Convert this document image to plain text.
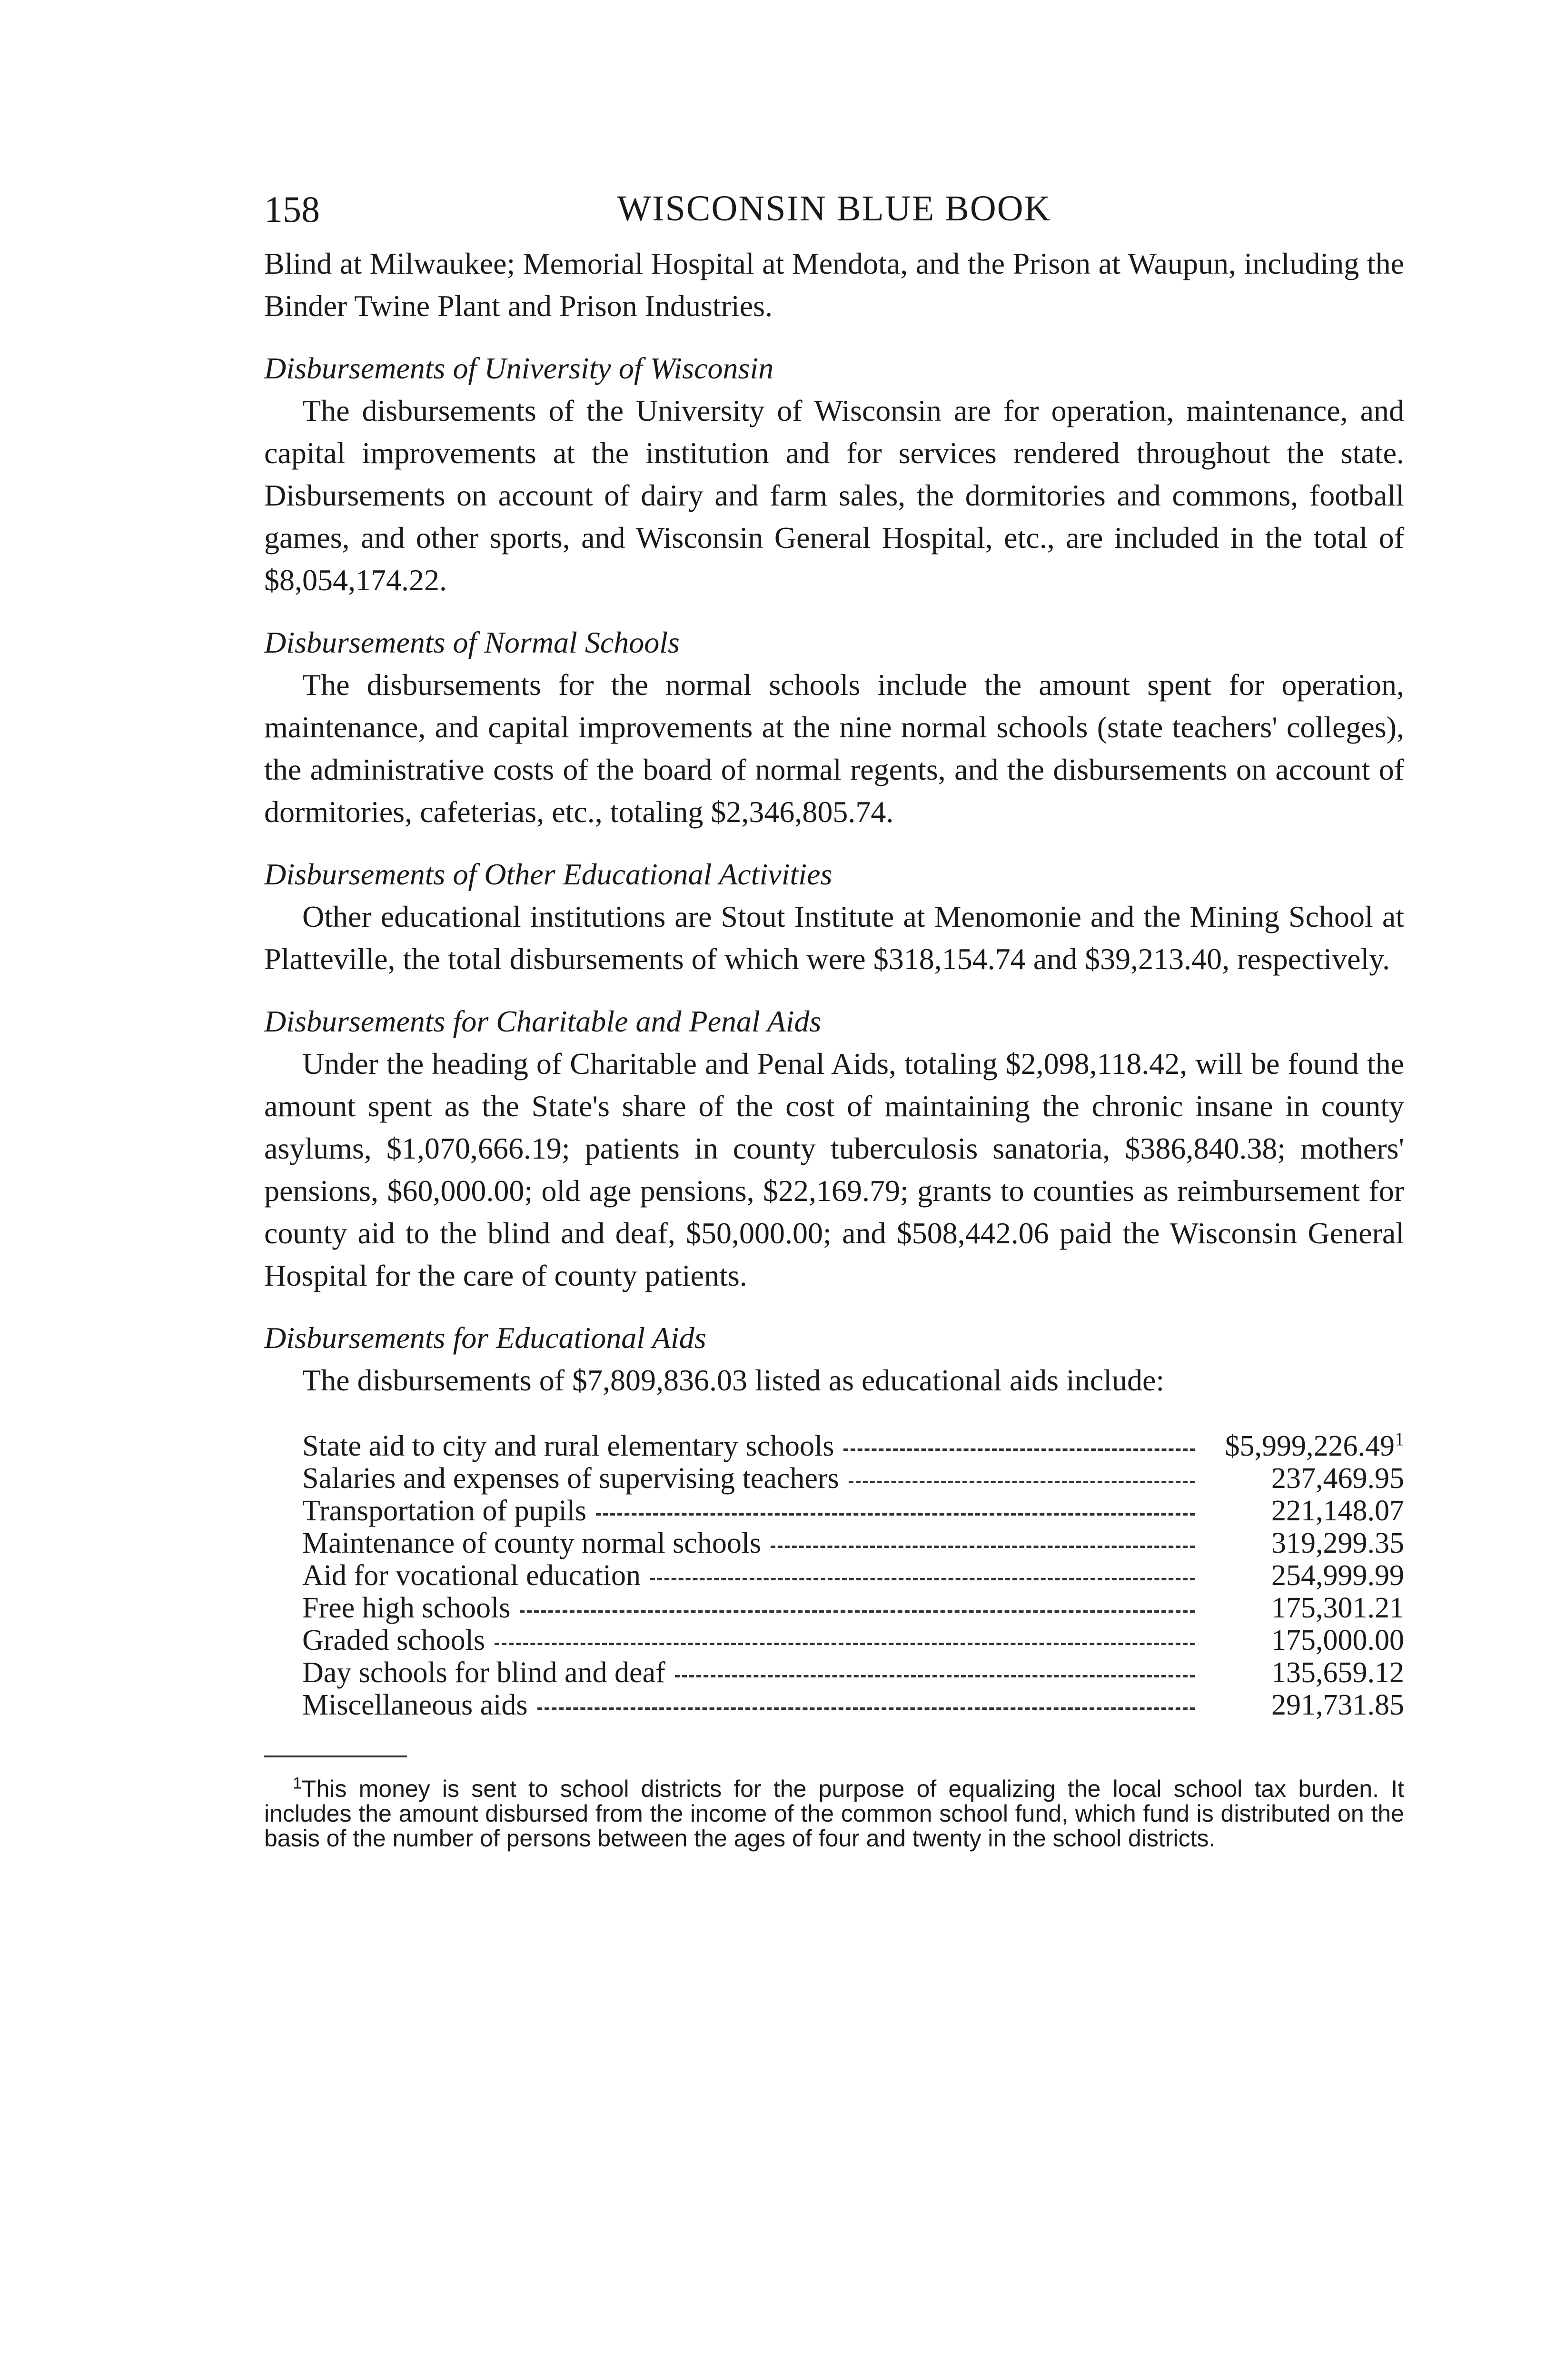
158	WISCONSIN BLUE BOOK

Blind at Milwaukee; Memorial Hospital at Mendota, and the Prison at Waupun, including the Binder Twine Plant and Prison Industries.

Disbursements of University of Wisconsin

The disbursements of the University of Wisconsin are for operation, maintenance, and capital improvements at the institution and for services rendered throughout the state. Disbursements on account of dairy and farm sales, the dormitories and commons, football games, and other sports, and Wisconsin General Hospital, etc., are included in the total of $8,054,174.22.

Disbursements of Normal Schools

The disbursements for the normal schools include the amount spent for operation, maintenance, and capital improvements at the nine normal schools (state teachers' colleges), the administrative costs of the board of normal regents, and the disbursements on account of dormitories, cafeterias, etc., totaling $2,346,805.74.

Disbursements of Other Educational Activities

Other educational institutions are Stout Institute at Menomonie and the Mining School at Platteville, the total disbursements of which were $318,154.74 and $39,213.40, respectively.

Disbursements for Charitable and Penal Aids

Under the heading of Charitable and Penal Aids, totaling $2,098,118.42, will be found the amount spent as the State's share of the cost of maintaining the chronic insane in county asylums, $1,070,666.19; patients in county tuberculosis sanatoria, $386,840.38; mothers' pensions, $60,000.00; old age pensions, $22,169.79; grants to counties as reimbursement for county aid to the blind and deaf, $50,000.00; and $508,442.06 paid the Wisconsin General Hospital for the care of county patients.

Disbursements for Educational Aids

The disbursements of $7,809,836.03 listed as educational aids include:

State aid to city and rural elementary schools	$5,999,226.49$^1$
Salaries and expenses of supervising teachers	237,469.95
Transportation of pupils	221,148.07
Maintenance of county normal schools	319,299.35
Aid for vocational education	254,999.99
Free high schools	175,301.21
Graded schools	175,000.00
Day schools for blind and deaf	135,659.12
Miscellaneous aids	291,731.85

$^1$This money is sent to school districts for the purpose of equalizing the local school tax burden. It includes the amount disbursed from the income of the common school fund, which fund is distributed on the basis of the number of persons between the ages of four and twenty in the school districts.
